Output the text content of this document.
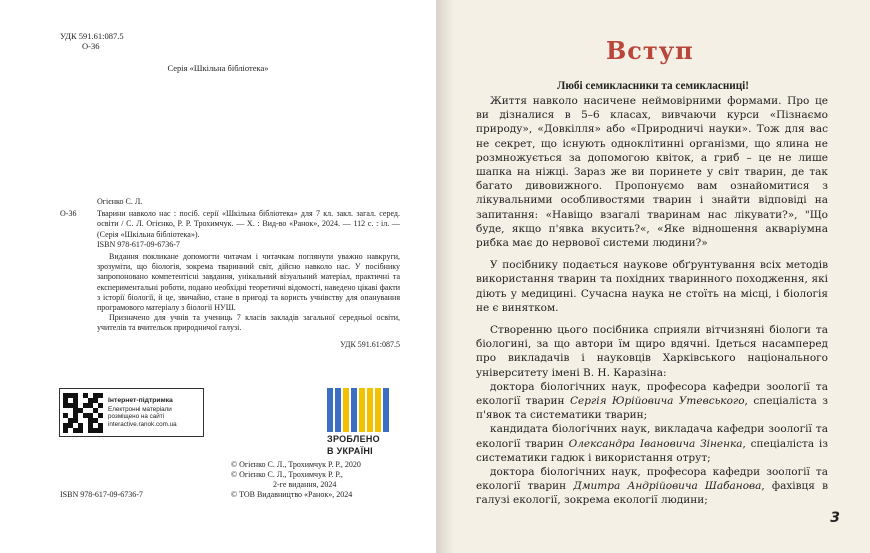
УДК 591.61:087.5
О-36
Серія «Шкільна бібліотека»
Огієнко С. Л.
О-36	Тварини навколо нас : посіб. серії «Шкільна бібліотека» для 7 кл. закл. загал. серед. освіти / С. Л. Огієнко, Р. Р. Трохимчук. — Х. : Вид-во «Ранок», 2024. — 112 с. : іл. — (Серія «Шкільна бібліотека»).
ISBN 978-617-09-6736-7

Видання покликане допомогти читачам і читачкам поглянути уважно навкруги, зрозуміти, що біологія, зокрема тваринний світ, дійсно навколо нас. У посібнику запропоновано компетентісні завдання, унікальний візуальний матеріал, практичні та експериментальні роботи, подано необхідні теоретичні відомості, наведено цікаві факти з історії біології, й це, звичайно, стане в пригоді та користь учнівству для опанування програмового матеріалу з біології НУШ.

Призначено для учнів та учениць 7 класів закладів загальної середньої освіти, учителів та вчительок природничої галузі.

УДК 591.61:087.5
Інтернет-підтримка
Електронні матеріали
розміщено на сайті
interactive.ranok.com.ua
ЗРОБЛЕНО
В УКРАЇНІ
© Огієнко С. Л., Трохимчук Р. Р., 2020
© Огієнко С. Л., Трохимчук Р. Р.,
2-ге видання, 2024
© ТОВ Видавництво «Ранок», 2024
ISBN 978-617-09-6736-7
Вступ
Любі семикласники та семикласниці!

Життя навколо насичене неймовірними формами. Про це ви дізналися в 5–6 класах, вивчаючи курси «Пізнаємо природу», «Довкілля» або «Природничі науки». Тож для вас не секрет, що існують одноклітинні організми, що ялина не розмножується за допомогою квіток, а гриб – це не лише шапка на ніжці. Зараз же ви поринете у світ тварин, де так багато дивовижного. Пропонуємо вам ознайомитися з лікувальними особливостями тварин і знайти відповіді на запитання: «Навіщо взагалі тваринам нас лікувати?», "Що буде, якщо п'явка вкусить?«, «Яке відношення акваріумна рибка має до нервової системи людини?»

У посібнику подається наукове обґрунтування всіх методів використання тварин та похідних тваринного походження, які діють у медицині. Сучасна наука не стоїть на місці, і біологія не є винятком.

Створенню цього посібника сприяли вітчизняні біологи та біологині, за що автори їм щиро вдячні. Ідеться насамперед про викладачів і науковців Харківського національного університету імені В. Н. Каразіна:

доктора біологічних наук, професора кафедри зоології та екології тварин Сергія Юрійовича Утевського, спеціаліста з п'явок та систематики тварин;

кандидата біологічних наук, викладача кафедри зоології та екології тварин Олександра Івановича Зіненка, спеціаліста із систематики гадюк і використання отрут;

доктора біологічних наук, професора кафедри зоології та екології тварин Дмитра Андрійовича Шабанова, фахівця в галузі екології, зокрема екології людини;

3
